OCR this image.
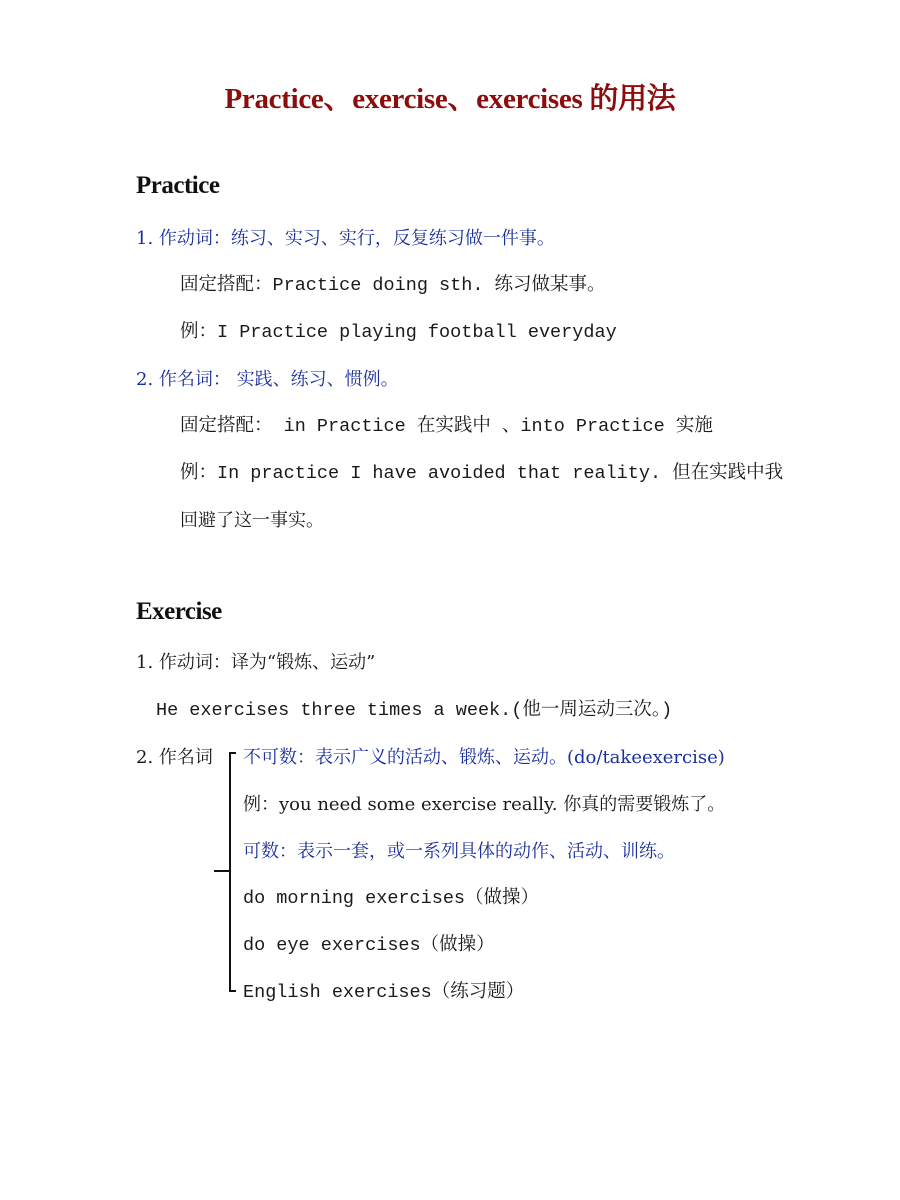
Practice、exercise、exercises 的用法
Practice
1. 作动词：练习、实习、实行，反复练习做一件事。
固定搭配：Practice doing sth. 练习做某事。
例：I Practice playing football everyday
2. 作名词： 实践、练习、惯例。
固定搭配： in Practice 在实践中 、into Practice 实施
例：In practice I have avoided that reality. 但在实践中我
回避了这一事实。
Exercise
1. 作动词：译为“锻炼、运动”
He exercises three times a week.(他一周运动三次。)
2. 作名词 不可数：表示广义的活动、锻炼、运动。(do/takeexercise)
例：you need some exercise really. 你真的需要锻炼了。
可数：表示一套，或一系列具体的动作、活动、训练。
do morning exercises（做操）
do eye exercises（做操）
English exercises（练习题）
